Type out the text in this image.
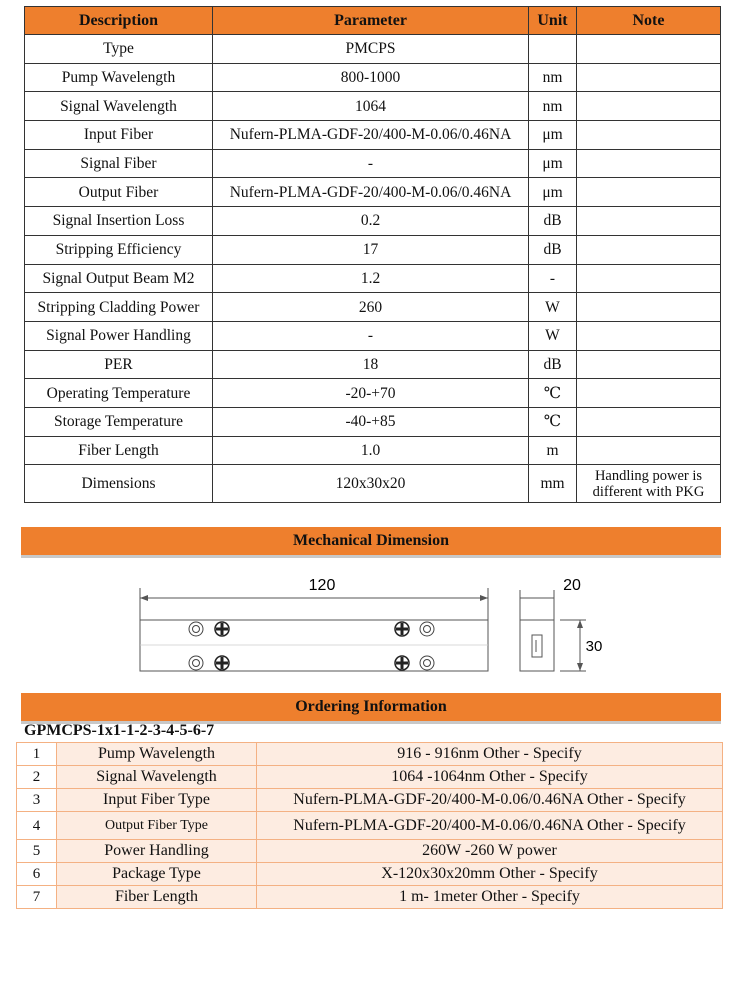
Description	Parameter	Unit	Note
Type	PMCPS		
Pump Wavelength	800-1000	nm	
Signal Wavelength	1064	nm	
Input Fiber	Nufern-PLMA-GDF-20/400-M-0.06/0.46NA	μm	
Signal Fiber	-	μm	
Output Fiber	Nufern-PLMA-GDF-20/400-M-0.06/0.46NA	μm	
Signal Insertion Loss	0.2	dB	
Stripping Efficiency	17	dB	
Signal Output Beam M2	1.2	-	
Stripping Cladding Power	260	W	
Signal Power Handling	-	W	
PER	18	dB	
Operating Temperature	-20-+70	℃	
Storage Temperature	-40-+85	℃	
Fiber Length	1.0	m	
Dimensions	120x30x20	mm	Handling power is different with PKG
Mechanical Dimension
120	20
30
Ordering Information
GPMCPS-1x1-1-2-3-4-5-6-7
1	Pump Wavelength	916 - 916nm Other - Specify
2	Signal Wavelength	1064 -1064nm Other - Specify
3	Input Fiber Type	Nufern-PLMA-GDF-20/400-M-0.06/0.46NA Other - Specify
4	Output Fiber Type	Nufern-PLMA-GDF-20/400-M-0.06/0.46NA Other - Specify
5	Power Handling	260W -260 W power
6	Package Type	X-120x30x20mm Other - Specify
7	Fiber Length	1 m- 1meter Other - Specify
